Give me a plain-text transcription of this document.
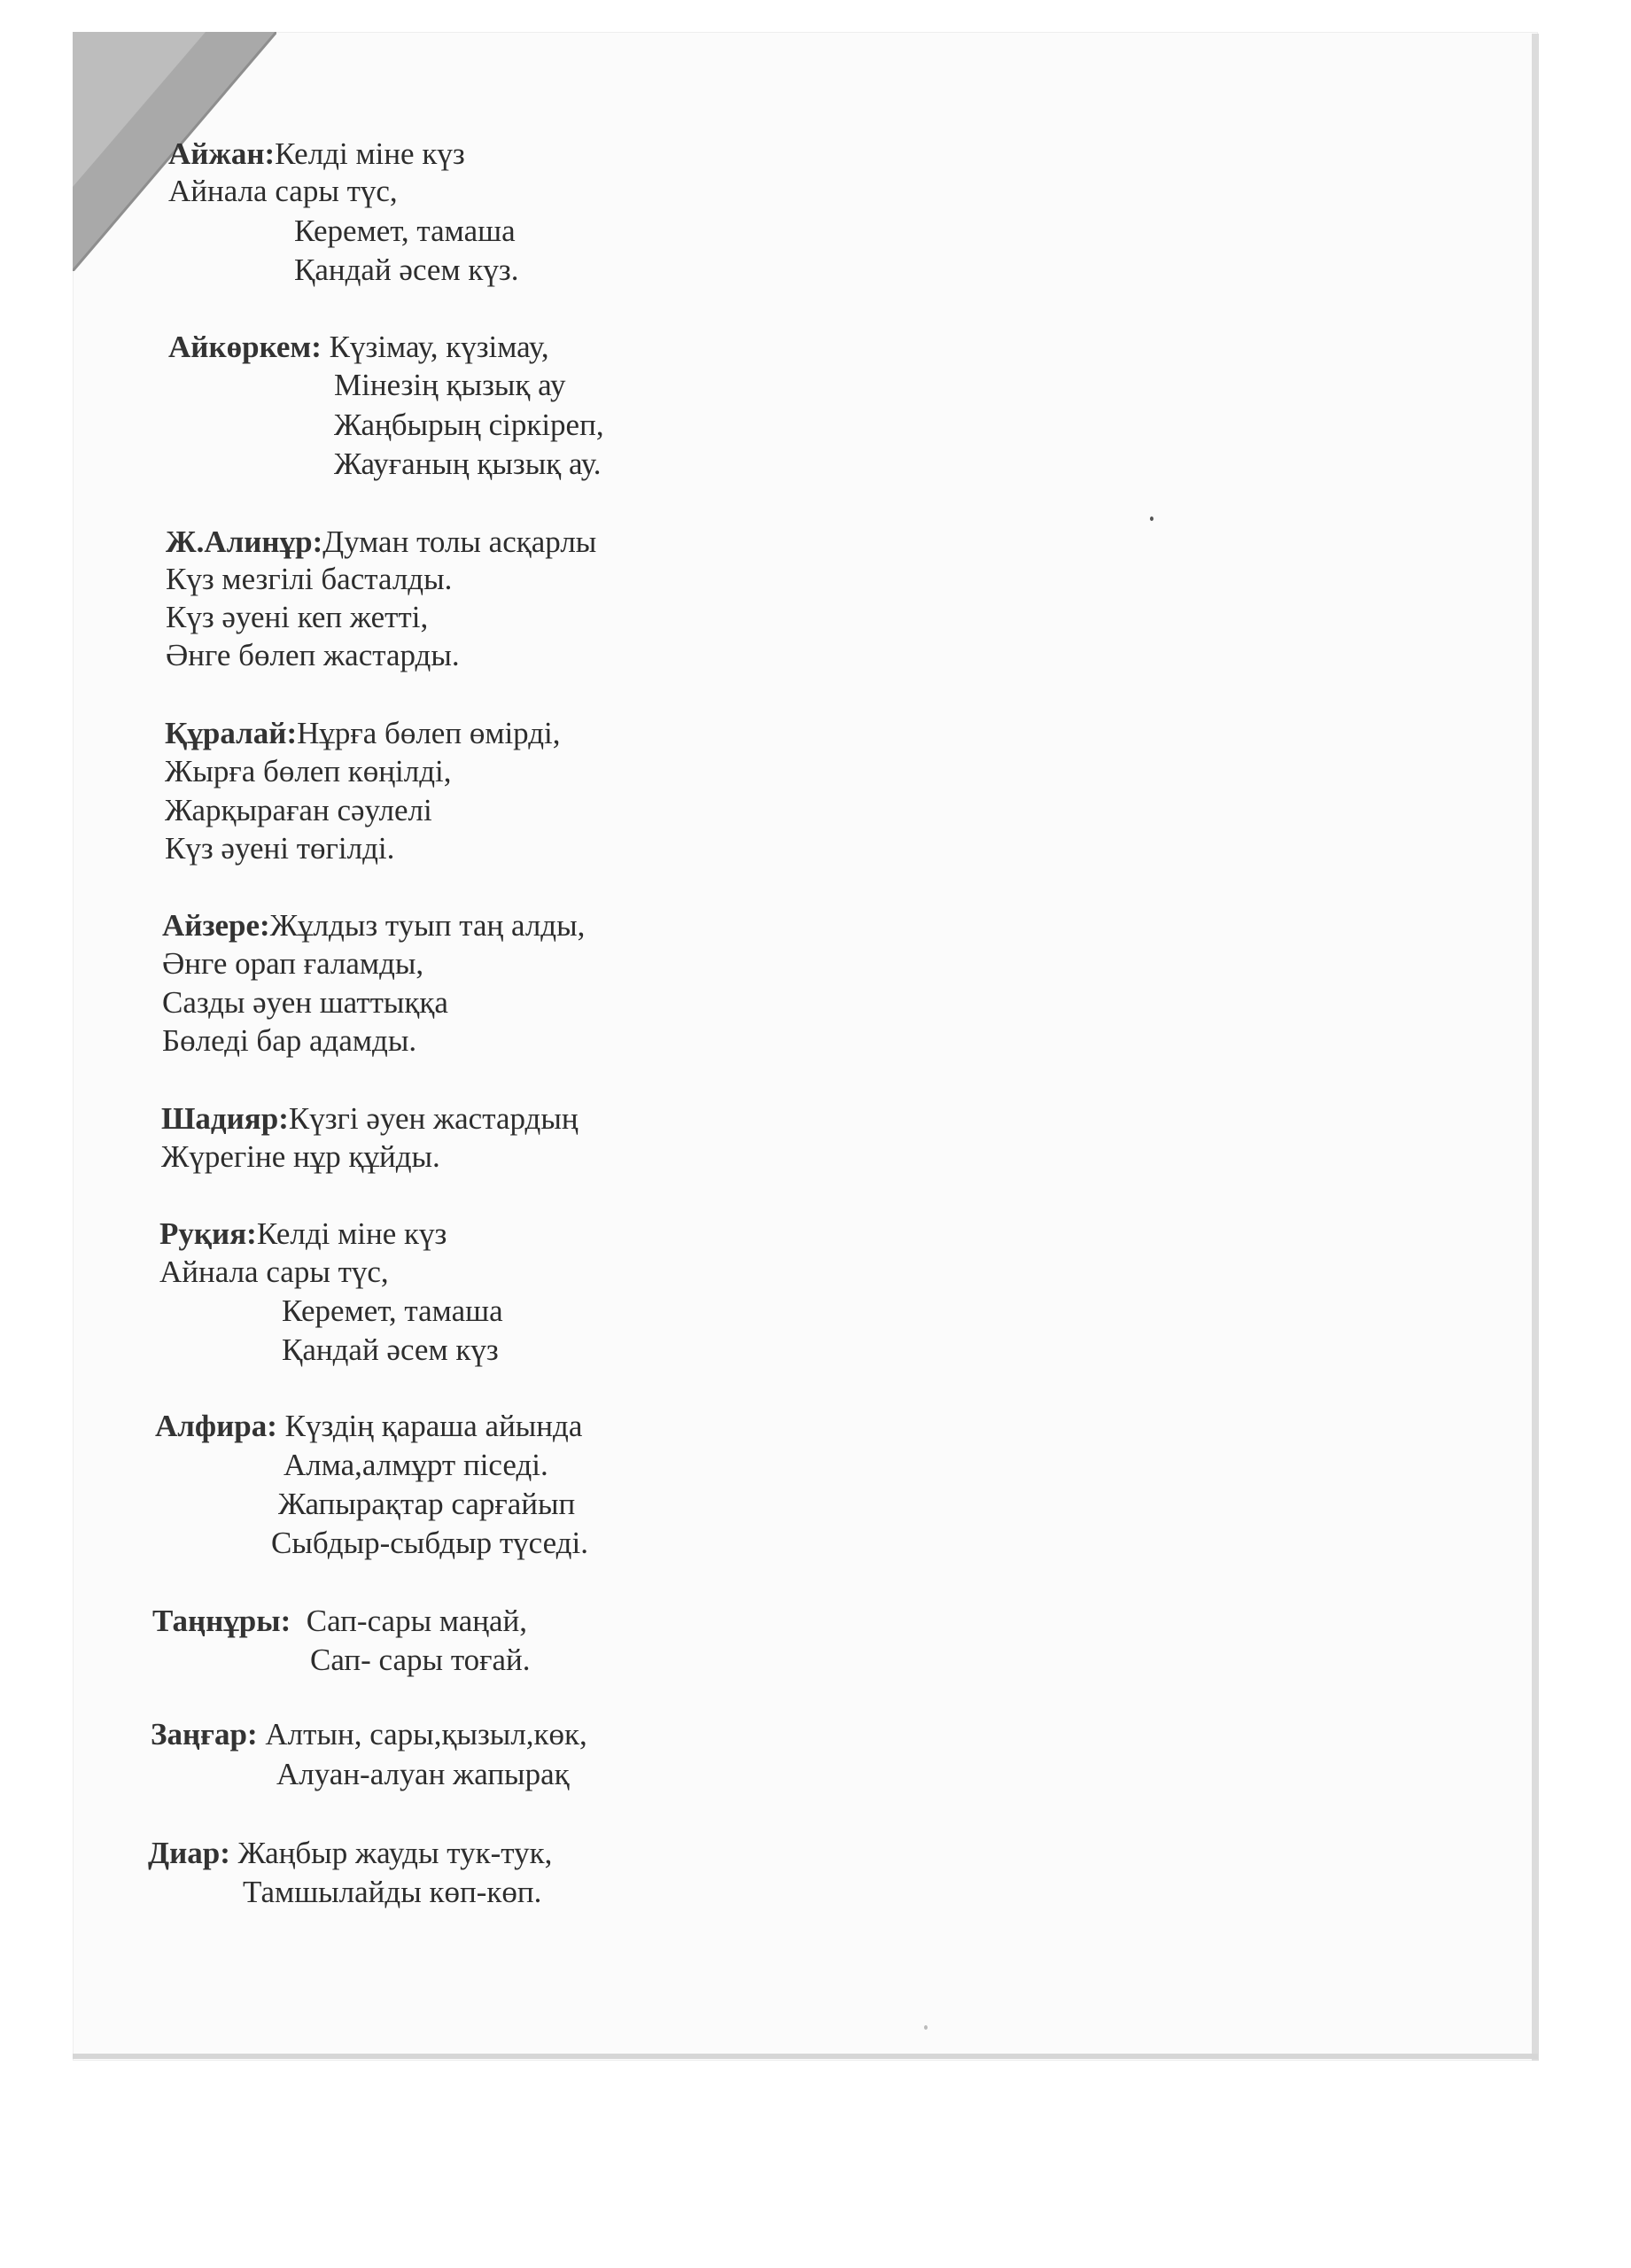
Айжан:Келді міне күз
Айнала сары түс,
Керемет, тамаша
Қандай әсем күз.
Айкөркем: Күзімау, күзімау,
Мінезің қызық ау
Жаңбырың сіркіреп,
Жауғаның қызық ау.
Ж.Алинұр:Думан толы асқарлы
Күз мезгілі басталды.
Күз әуені кеп жетті,
Әнге бөлеп жастарды.
Құралай:Нұрға бөлеп өмірді,
Жырға бөлеп көңілді,
Жарқыраған сәулелі
Күз әуені төгілді.
Айзере:Жұлдыз туып таң алды,
Әнге орап ғаламды,
Сазды әуен шаттыққа
Бөледі бар адамды.
Шадияр:Күзгі әуен жастардың
Жүрегіне нұр құйды.
Руқия:Келді міне күз
Айнала сары түс,
Керемет, тамаша
Қандай әсем күз
Алфира: Күздің қараша айында
Алма,алмұрт піседі.
Жапырақтар сарғайып
Сыбдыр-сыбдыр түседі.
Таңнұры:  Сап-сары маңай,
Сап- сары тоғай.
Заңғар: Алтын, сары,қызыл,көк,
Алуан-алуан жапырақ
Диар: Жаңбыр жауды тук-тук,
Тамшылайды көп-көп.
